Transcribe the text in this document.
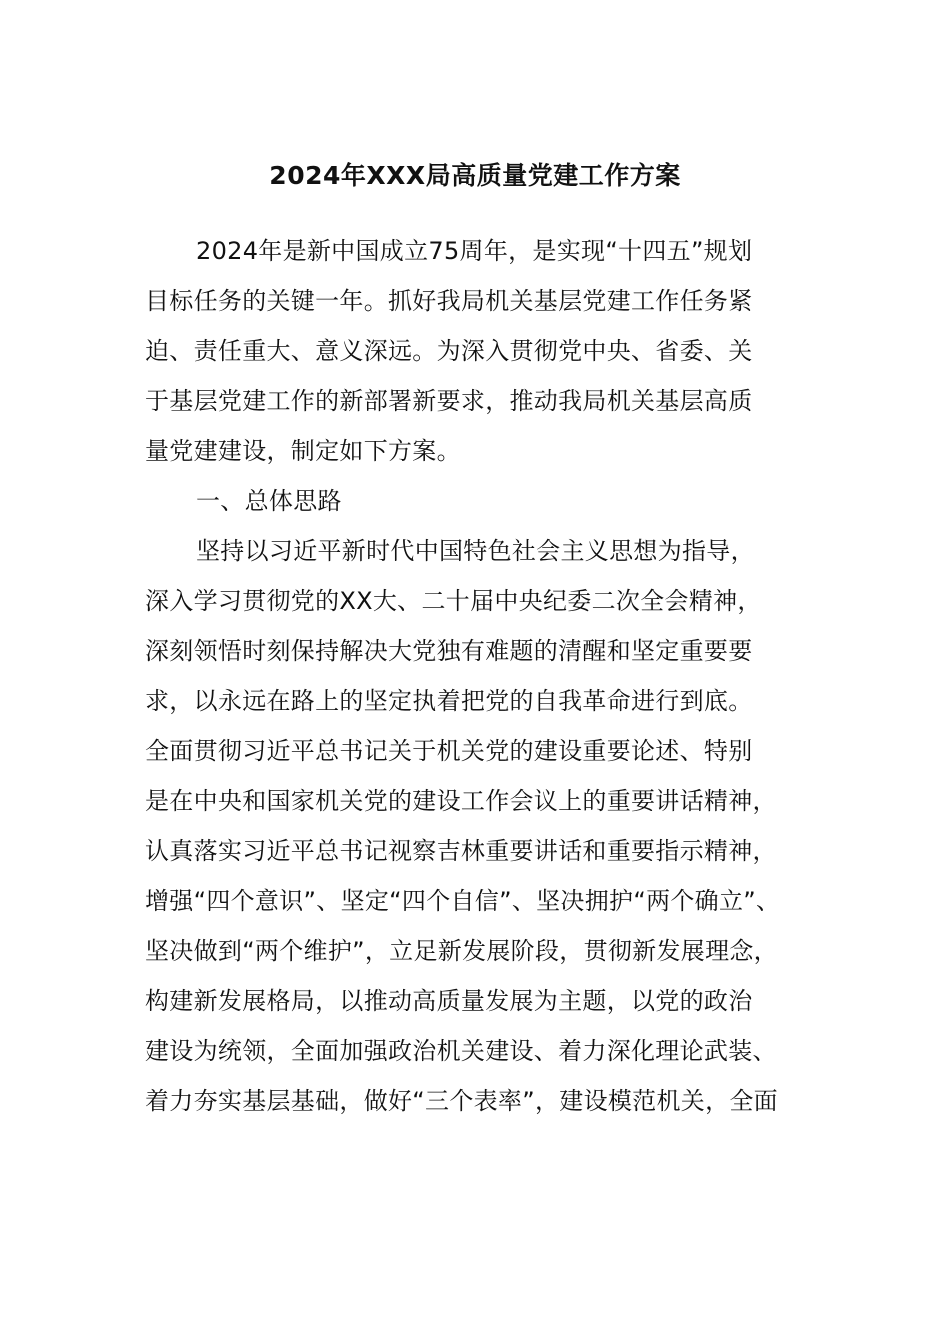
2024年XXX局高质量党建工作方案
2024年是新中国成立75周年，是实现“十四五”规划
目标任务的关键一年。抓好我局机关基层党建工作任务紧
迫、责任重大、意义深远。为深入贯彻党中央、省委、关
于基层党建工作的新部署新要求，推动我局机关基层高质
量党建建设，制定如下方案。
一、总体思路
坚持以习近平新时代中国特色社会主义思想为指导，
深入学习贯彻党的XX大、二十届中央纪委二次全会精神，
深刻领悟时刻保持解决大党独有难题的清醒和坚定重要要
求，以永远在路上的坚定执着把党的自我革命进行到底。
全面贯彻习近平总书记关于机关党的建设重要论述、特别
是在中央和国家机关党的建设工作会议上的重要讲话精神，
认真落实习近平总书记视察吉林重要讲话和重要指示精神，
增强“四个意识”、坚定“四个自信”、坚决拥护“两个确立”、
坚决做到“两个维护”，立足新发展阶段，贯彻新发展理念，
构建新发展格局，以推动高质量发展为主题，以党的政治
建设为统领，全面加强政治机关建设、着力深化理论武装、
着力夯实基层基础，做好“三个表率”，建设模范机关，全面
